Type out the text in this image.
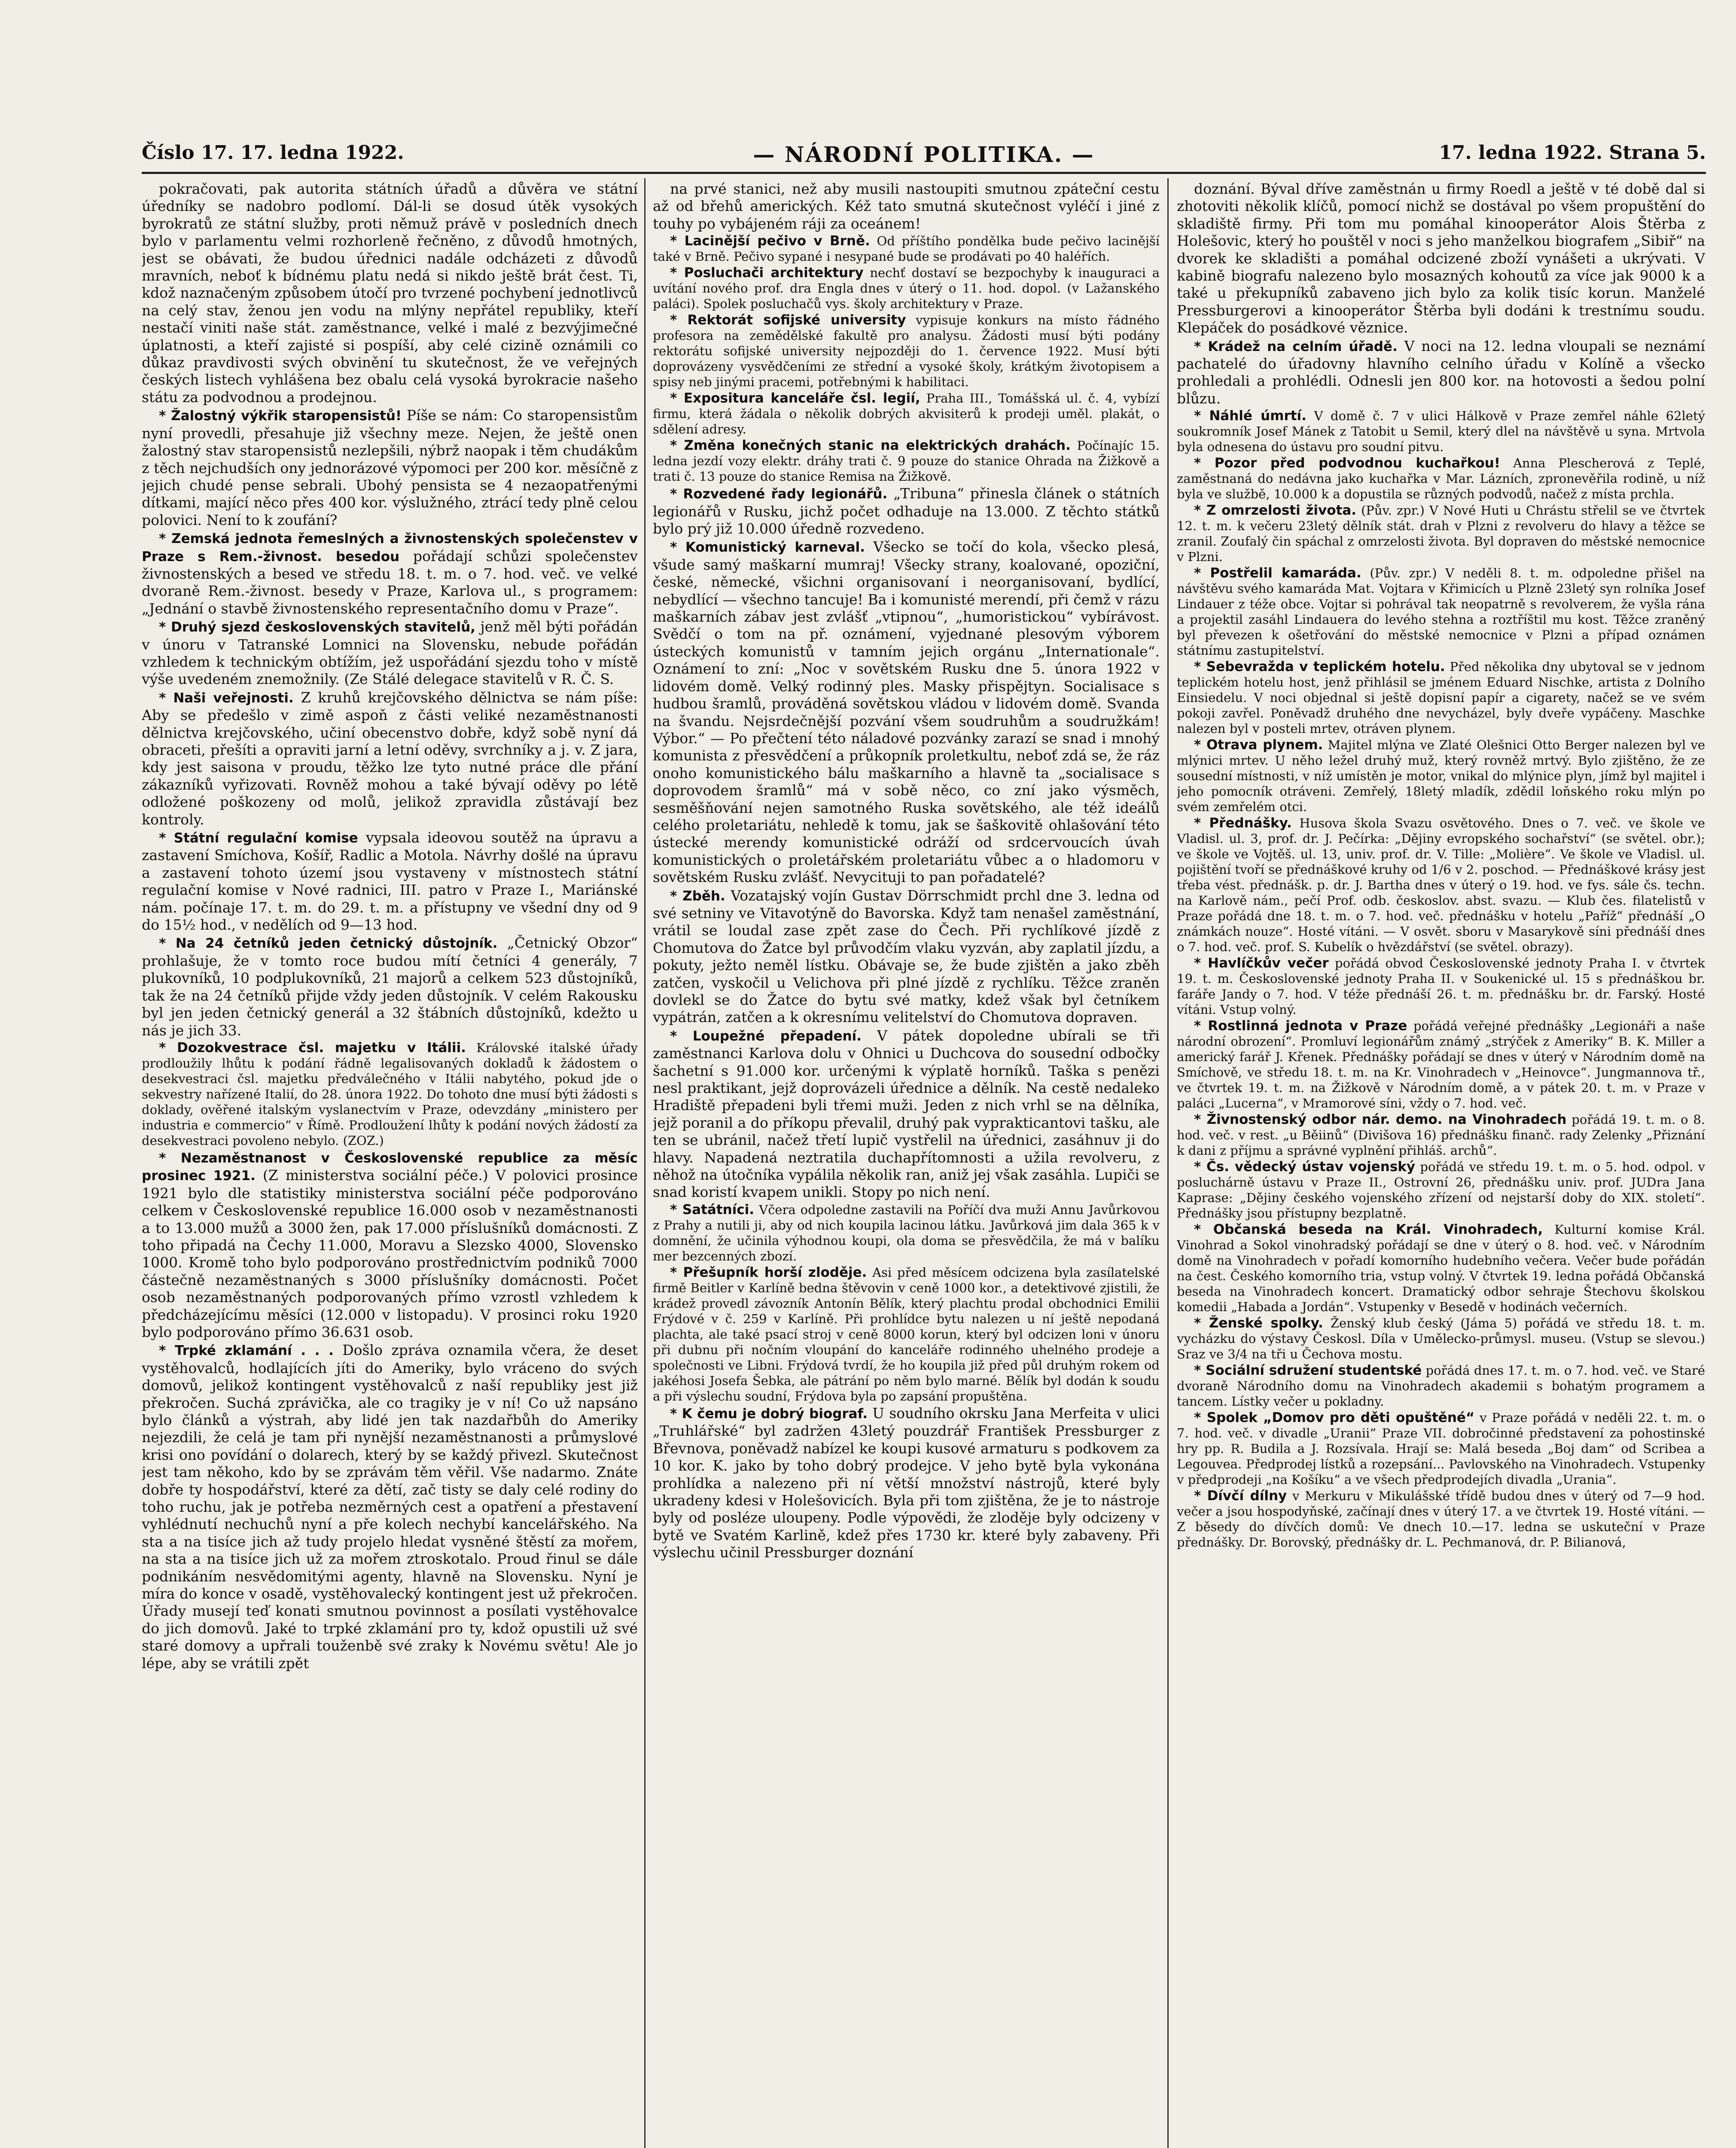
Číslo 17. 17. ledna 1922.	— NÁRODNÍ POLITIKA. —	17. ledna 1922. Strana 5.

pokračovati, pak autorita státních úřadů a důvěra ve státní úředníky se nadobro podlomí. Dál-li se dosud útěk vysokých byrokratů ze státní služby, proti němuž právě v posledních dnech bylo v parlamentu velmi rozhorleně řečněno, z důvodů hmotných, jest se obávati, že budou úřednici nadále odcházeti z důvodů mravních, neboť k bídnému platu nedá si nikdo ještě brát čest. Ti, kdož naznačeným způsobem útočí pro tvrzené pochybení jednotlivců na celý stav, ženou jen vodu na mlýny nepřátel republiky, kteří nestačí viniti naše stát. zaměstnance, velké i malé z bezvýjimečné úplatnosti, a kteří zajisté si pospíší, aby celé cizině oznámili co důkaz pravdivosti svých obvinění tu skutečnost, že ve veřejných českých listech vyhlášena bez obalu celá vysoká byrokracie našeho státu za podvodnou a prodejnou.

* Žalostný výkřik staropensistů! Píše se nám: Co staropensistům nyní provedli, přesahuje již všechny meze. Nejen, že ještě onen žalostný stav staropensistů nezlepšili, nýbrž naopak i těm chudákům z těch nejchudších ony jednorázové výpomoci per 200 kor. měsíčně z jejich chudé pense sebrali. Ubohý pensista se 4 nezaopatřenými dítkami, mající něco přes 400 kor. výslužného, ztrácí tedy plně celou polovici. Není to k zoufání?

* Zemská jednota řemeslných a živnostenských společenstev v Praze s Rem.-živnost. besedou pořádají schůzi společenstev živnostenských a besed ve středu 18. t. m. o 7. hod. več. ve velké dvoraně Rem.-živnost. besedy v Praze, Karlova ul., s programem: „Jednání o stavbě živnostenského representačního domu v Praze“.

* Druhý sjezd československých stavitelů, jenž měl býti pořádán v únoru v Tatranské Lomnici na Slovensku, nebude pořádán vzhledem k technickým obtížím, jež uspořádání sjezdu toho v místě výše uvedeném znemožnily. (Ze Stálé delegace stavitelů v R. Č. S.

* Naši veřejnosti. Z kruhů krejčovského dělnictva se nám píše: Aby se předešlo v zimě aspoň z části veliké nezaměstnanosti dělnictva krejčovského, učiní obecenstvo dobře, když sobě nyní dá obraceti, přešíti a opraviti jarní a letní oděvy, svrchníky a j. v. Z jara, kdy jest saisona v proudu, těžko lze tyto nutné práce dle přání zákazníků vyřizovati. Rovněž mohou a také bývají oděvy po létě odložené poškozeny od molů, jelikož zpravidla zůstávají bez kontroly.

* Státní regulační komise vypsala ideovou soutěž na úpravu a zastavení Smíchova, Košíř, Radlic a Motola. Návrhy došlé na úpravu a zastavení tohoto území jsou vystaveny v místnostech státní regulační komise v Nové radnici, III. patro v Praze I., Mariánské nám. počínaje 17. t. m. do 29. t. m. a přístupny ve všední dny od 9 do 15½ hod., v nedělích od 9—13 hod.

* Na 24 četníků jeden četnický důstojník. „Četnický Obzor“ prohlašuje, že v tomto roce budou mítí četníci 4 generály, 7 plukovníků, 10 podplukovníků, 21 majorů a celkem 523 důstojníků, tak že na 24 četníků přijde vždy jeden důstojník. V celém Rakousku byl jen jeden četnický generál a 32 štábních důstojníků, kdežto u nás je jich 33.

* Dozokvestrace čsl. majetku v Itálii. Královské italské úřady prodloužily lhůtu k podání řádně legalisovaných dokladů k žádostem o desekvestraci čsl. majetku předválečného v Itálii nabytého, pokud jde o sekvestry nařízené Italií, do 28. února 1922. Do tohoto dne musí býti žádosti s doklady, ověřené italským vyslanectvím v Praze, odevzdány „ministero per industria e commercio“ v Římě. Prodloužení lhůty k podání nových žádostí za desekvestraci povoleno nebylo. (ZOZ.)

* Nezaměstnanost v Československé republice za měsíc prosinec 1921. (Z ministerstva sociální péče.) V polovici prosince 1921 bylo dle statistiky ministerstva sociální péče podporováno celkem v Československé republice 16.000 osob v nezaměstnanosti a to 13.000 mužů a 3000 žen, pak 17.000 příslušníků domácnosti. Z toho připadá na Čechy 11.000, Moravu a Slezsko 4000, Slovensko 1000. Kromě toho bylo podporováno prostřednictvím podniků 7000 částečně nezaměstnaných s 3000 příslušníky domácnosti. Počet osob nezaměstnaných podporovaných přímo vzrostl vzhledem k předcházejícímu měsíci (12.000 v listopadu). V prosinci roku 1920 bylo podporováno přímo 36.631 osob.

* Trpké zklamání . . . Došlo zpráva oznamila včera, že deset vystěhovalců, hodlajících jíti do Ameriky, bylo vráceno do svých domovů, jelikož kontingent vystěhovalců z naší republiky jest již překročen. Suchá zprávička, ale co tragiky je v ní! Co už napsáno bylo článků a výstrah, aby lidé jen tak nazdařbůh do Ameriky nejezdili, že celá je tam při nynější nezaměstnanosti a průmyslové krisi ono povídání o dolarech, který by se každý přivezl. Skutečnost jest tam někoho, kdo by se zprávám těm věřil. Vše nadarmo. Znáte dobře ty hospodářství, které za dětí, zač tisty se daly celé rodiny do toho ruchu, jak je potřeba nezměrných cest a opatření a přestavení vyhlédnutí nechuchů nyní a pře kolech nechybí kancelářského. Na sta a na tisíce jich až tudy projelo hledat vysněné štěstí za mořem, na sta a na tisíce jich už za mořem ztroskotalo. Proud řinul se dále podnikáním nesvědomitými agenty, hlavně na Slovensku. Nyní je míra do konce v osadě, vystěhovalecký kontingent jest už překročen. Úřady musejí teď konati smutnou povinnost a posílati vystěhovalce do jich domovů. Jaké to trpké zklamání pro ty, kdož opustili už své staré domovy a upřrali touženbě své zraky k Novému světu! Ale jo lépe, aby se vrátili zpět

na prvé stanici, než aby musili nastoupiti smutnou zpáteční cestu až od břehů amerických. Kéž tato smutná skutečnost vyléčí i jiné z touhy po vybájeném ráji za oceánem!

* Lacinější pečivo v Brně. Od příštího pondělka bude pečivo lacinější také v Brně. Pečivo sypané i nesypané bude se prodávati po 40 haléřích.

* Posluchači architektury nechť dostaví se bezpochyby k inauguraci a uvítání nového prof. dra Engla dnes v úterý o 11. hod. dopol. (v Lažanského paláci). Spolek posluchačů vys. školy architektury v Praze.

* Rektorát sofijské university vypisuje konkurs na místo řádného profesora na zemědělské fakultě pro analysu. Žádosti musí býti podány rektorátu sofijské university nejpozději do 1. července 1922. Musí býti doprovázeny vysvědčeními ze střední a vysoké školy, krátkým životopisem a spisy neb jinými pracemi, potřebnými k habilitaci.

* Expositura kanceláře čsl. legií, Praha III., Tomášská ul. č. 4, vybízí firmu, která žádala o několik dobrých akvisiterů k prodeji uměl. plakát, o sdělení adresy.

* Změna konečných stanic na elektrických drahách. Počínajíc 15. ledna jezdí vozy elektr. dráhy trati č. 9 pouze do stanice Ohrada na Žižkově a trati č. 13 pouze do stanice Remisa na Žižkově.

* Rozvedené řady legionářů. „Tribuna“ přinesla článek o státních legionářů v Rusku, jichž počet odhaduje na 13.000. Z těchto státků bylo prý již 10.000 úředně rozvedeno.

* Komunistický karneval. Všecko se točí do kola, všecko plesá, všude samý maškarní mumraj! Všecky strany, koalované, opoziční, české, německé, všichni organisovaní i neorganisovaní, bydlící, nebydlící — všechno tancuje! Ba i komunisté merendí, při čemž v rázu maškarních zábav jest zvlášť „vtipnou“, „humoristickou“ vybírávost. Svědčí o tom na př. oznámení, vyjednané plesovým výborem ústeckých komunistů v tamním jejich orgánu „Internationale“. Oznámení to zní: „Noc v sovětském Rusku dne 5. února 1922 v lidovém domě. Velký rodinný ples. Masky přispějtyn. Socialisace s hudbou šramlů, prováděná sovětskou vládou v lidovém domě. Svanda na švandu. Nejsrdečnější pozvání všem soudruhům a soudružkám! Výbor.“ — Po přečtení této náladové pozvánky zarazí se snad i mnohý komunista z přesvědčení a průkopník proletkultu, neboť zdá se, že ráz onoho komunistického bálu maškarního a hlavně ta „socialisace s doprovodem šramlů“ má v sobě něco, co zní jako výsměch, sesměšňování nejen samotného Ruska sovětského, ale též ideálů celého proletariátu, nehledě k tomu, jak se šaškovitě ohlašování této ústecké merendy komunistické odráží od srdcervoucích úvah komunistických o proletářském proletariátu vůbec a o hladomoru v sovětském Rusku zvlášť. Nevycituji to pan pořadatelé?

* Zběh. Vozatajský vojín Gustav Dörrschmidt prchl dne 3. ledna od své setniny ve Vitavotýně do Bavorska. Když tam nenašel zaměstnání, vrátil se loudal zase zpět zase do Čech. Při rychlíkové jízdě z Chomutova do Žatce byl průvodčím vlaku vyzván, aby zaplatil jízdu, a pokuty, ježto neměl lístku. Obávaje se, že bude zjištěn a jako zběh zatčen, vyskočil u Velichova při plné jízdě z rychlíku. Těžce zraněn dovlekl se do Žatce do bytu své matky, kdež však byl četníkem vypátrán, zatčen a k okresnímu velitelství do Chomutova dopraven.

* Loupežné přepadení. V pátek dopoledne ubírali se tři zaměstnanci Karlova dolu v Ohnici u Duchcova do sousední odbočky šachetní s 91.000 kor. určenými k výplatě horníků. Taška s penězi nesl praktikant, jejž doprovázeli úřednice a dělník. Na cestě nedaleko Hradiště přepadeni byli třemi muži. Jeden z nich vrhl se na dělníka, jejž poranil a do příkopu převalil, druhý pak vyprakticantovi tašku, ale ten se ubránil, načež třetí lupič vystřelil na úřednici, zasáhnuv ji do hlavy. Napadená neztratila duchapřítomnosti a užila revolveru, z něhož na útočníka vypálila několik ran, aniž jej však zasáhla. Lupiči se snad koristí kvapem unikli. Stopy po nich není.

* Satátníci. Včera odpoledne zastavili na Poříčí dva muži Annu Javůrkovou z Prahy a nutili ji, aby od nich koupila lacinou látku. Javůrková jim dala 365 k v domnění, že učinila výhodnou koupi, ola doma se přesvědčila, že má v balíku mer bezcenných zbozí.

* Přešupník horší zloděje. Asi před měsícem odcizena byla zasílatelské firmě Beitler v Karlíně bedna štěvovin v ceně 1000 kor., a detektivové zjistili, že krádež provedl závozník Antonín Bělík, který plachtu prodal obchodnici Emilii Frýdové v č. 259 v Karlíně. Při prohlídce bytu nalezen u ní ještě nepodaná plachta, ale také psací stroj v ceně 8000 korun, který byl odcizen loni v únoru při dubnu při nočním vloupání do kanceláře rodinného uhelného prodeje a společnosti ve Libni. Frýdová tvrdí, že ho koupila již před půl druhým rokem od jakéhosi Josefa Šebka, ale pátrání po něm bylo marné. Bělík byl dodán k soudu a při výslechu soudní, Frýdova byla po zapsání propuštěna.

* K čemu je dobrý biograf. U soudního okrsku Jana Merfeita v ulici „Truhlářské“ byl zadržen 43letý pouzdrář František Pressburger z Břevnova, poněvadž nabízel ke koupi kusové armaturu s podkovem za 10 kor. K. jako by toho dobrý prodejce. V jeho bytě byla vykonána prohlídka a nalezeno při ní větší množství nástrojů, které byly ukradeny kdesi v Holešovicích. Byla při tom zjištěna, že je to nástroje byly od posléze uloupeny. Podle výpovědi, že zloděje byly odcizeny v bytě ve Svatém Karlině, kdež přes 1730 kr. které byly zabaveny. Při výslechu učinil Pressburger doznání

doznání. Býval dříve zaměstnán u firmy Roedl a ještě v té době dal si zhotoviti několik klíčů, pomocí nichž se dostával po všem propuštění do skladiště firmy. Při tom mu pomáhal kinooperátor Alois Štěrba z Holešovic, který ho pouštěl v noci s jeho manželkou biografem „Sibiř“ na dvorek ke skladišti a pomáhal odcizené zboží vynášeti a ukrývati. V kabině biografu nalezeno bylo mosazných kohoutů za více jak 9000 k a také u překupníků zabaveno jich bylo za kolik tisíc korun. Manželé Pressburgerovi a kinooperátor Štěrba byli dodáni k trestnímu soudu. Klepáček do posádkové věznice.

* Krádež na celním úřadě. V noci na 12. ledna vloupali se neznámí pachatelé do úřadovny hlavního celního úřadu v Kolíně a všecko prohledali a prohlédli. Odnesli jen 800 kor. na hotovosti a šedou polní blůzu.

* Náhlé úmrtí. V domě č. 7 v ulici Hálkově v Praze zemřel náhle 62letý soukromník Josef Mánek z Tatobit u Semil, který dlel na návštěvě u syna. Mrtvola byla odnesena do ústavu pro soudní pitvu.

* Pozor před podvodnou kuchařkou! Anna Plescherová z Teplé, zaměstnaná do nedávna jako kuchařka v Mar. Lázních, zpronevěřila rodině, u níž byla ve službě, 10.000 k a dopustila se různých podvodů, načež z místa prchla.

* Z omrzelosti života. (Pův. zpr.) V Nové Huti u Chrástu střelil se ve čtvrtek 12. t. m. k večeru 23letý dělník stát. drah v Plzni z revolveru do hlavy a těžce se zranil. Zoufalý čin spáchal z omrzelosti života. Byl dopraven do městské nemocnice v Plzni.

* Postřelil kamaráda. (Pův. zpr.) V neděli 8. t. m. odpoledne přišel na návštěvu svého kamaráda Mat. Vojtara v Křimicích u Plzně 23letý syn rolníka Josef Lindauer z téže obce. Vojtar si pohrával tak neopatrně s revolverem, že vyšla rána a projektil zasáhl Lindauera do levého stehna a roztříštil mu kost. Těžce zraněný byl převezen k ošetřování do městské nemocnice v Plzni a případ oznámen státnímu zastupitelství.

* Sebevražda v teplickém hotelu. Před několika dny ubytoval se v jednom teplickém hotelu host, jenž přihlásil se jménem Eduard Nischke, artista z Dolního Einsiedelu. V noci objednal si ještě dopisní papír a cigarety, načež se ve svém pokoji zavřel. Poněvadž druhého dne nevycházel, byly dveře vypáčeny. Maschke nalezen byl v posteli mrtev, otráven plynem.

* Otrava plynem. Majitel mlýna ve Zlaté Olešnici Otto Berger nalezen byl ve mlýnici mrtev. U něho ležel druhý muž, který rovněž mrtvý. Bylo zjištěno, že ze sousední místnosti, v níž umístěn je motor, vnikal do mlýnice plyn, jímž byl majitel i jeho pomocník otráveni. Zemřelý, 18letý mladík, zdědil loňského roku mlýn po svém zemřelém otci.

* Přednášky. Husova škola Svazu osvětového. Dnes o 7. več. ve škole ve Vladisl. ul. 3, prof. dr. J. Pečírka: „Dějiny evropského sochařství“ (se světel. obr.); ve škole ve Vojtěš. ul. 13, univ. prof. dr. V. Tille: „Molière“. Ve škole ve Vladisl. ul. pojištění tvoří se přednáškové kruhy od 1/6 v 2. poschod. — Přednáškové krásy jest třeba vést. přednášk. p. dr. J. Bartha dnes v úterý o 19. hod. ve fys. sále čs. techn. na Karlově nám., pečí Prof. odb. českoslov. abst. svazu. — Klub čes. filatelistů v Praze pořádá dne 18. t. m. o 7. hod. več. přednášku v hotelu „Paříž“ přednáší „O známkách nouze“. Hosté vítáni. — V osvět. sboru v Masarykově síni přednáší dnes o 7. hod. več. prof. S. Kubelík o hvězdářství (se světel. obrazy).

* Havlíčkův večer pořádá obvod Československé jednoty Praha I. v čtvrtek 19. t. m. Československé jednoty Praha II. v Soukenické ul. 15 s přednáškou br. faráře Jandy o 7. hod. V téže přednáší 26. t. m. přednášku br. dr. Farský. Hosté vítáni. Vstup volný.

* Rostlinná jednota v Praze pořádá veřejné přednášky „Legionáři a naše národní obrození“. Promluví legionářům známý „strýček z Ameriky“ B. K. Miller a americký farář J. Křenek. Přednášky pořádají se dnes v úterý v Národním domě na Smíchově, ve středu 18. t. m. na Kr. Vinohradech v „Heinovce“. Jungmannova tř., ve čtvrtek 19. t. m. na Žižkově v Národním domě, a v pátek 20. t. m. v Praze v paláci „Lucerna“, v Mramorové síni, vždy o 7. hod. več.

* Živnostenský odbor nár. demo. na Vinohradech pořádá 19. t. m. o 8. hod. več. v rest. „u Běiinů“ (Divišova 16) přednášku finanč. rady Zelenky „Přiznání k dani z příjmu a správné vyplnění přihláš. archů“.

* Čs. vědecký ústav vojenský pořádá ve středu 19. t. m. o 5. hod. odpol. v posluchárně ústavu v Praze II., Ostrovní 26, přednášku univ. prof. JUDra Jana Kaprase: „Dějiny českého vojenského zřízení od nejstarší doby do XIX. století“. Přednášky jsou přístupny bezplatně.

* Občanská beseda na Král. Vinohradech, Kulturní komise Král. Vinohrad a Sokol vinohradský pořádají se dne v úterý o 8. hod. več. v Národním domě na Vinohradech v pořadí komorního hudebního večera. Večer bude pořádán na čest. Českého komorního tria, vstup volný. V čtvrtek 19. ledna pořádá Občanská beseda na Vinohradech koncert. Dramatický odbor sehraje Štechovu školskou komedii „Habada a Jordán“. Vstupenky v Besedě v hodinách večerních.

* Ženské spolky. Ženský klub český (Jáma 5) pořádá ve středu 18. t. m. vycházku do výstavy Českosl. Díla v Umělecko-průmysl. museu. (Vstup se slevou.) Sraz ve 3/4 na tři u Čechova mostu.

* Sociální sdružení studentské pořádá dnes 17. t. m. o 7. hod. več. ve Staré dvoraně Národního domu na Vinohradech akademii s bohatým programem a tancem. Lístky večer u pokladny.

* Spolek „Domov pro děti opuštěné“ v Praze pořádá v neděli 22. t. m. o 7. hod. več. v divadle „Uranii“ Praze VII. dobročinné představení za pohostinské hry pp. R. Budila a J. Rozsívala. Hrají se: Malá beseda „Boj dam“ od Scribea a Legouvea. Předprodej lístků a rozepsání... Pavlovského na Vinohradech. Vstupenky v předprodeji „na Košíku“ a ve všech předprodejích divadla „Urania“.

* Dívčí dílny v Merkuru v Mikulášské třídě budou dnes v úterý od 7—9 hod. večer a jsou hospodyňské, začínají dnes v úterý 17. a ve čtvrtek 19. Hosté vítáni. — Z běsedy do dívčích domů: Ve dnech 10.—17. ledna se uskuteční v Praze přednášky. Dr. Borovský, přednášky dr. L. Pechmanová, dr. P. Bilianová,
